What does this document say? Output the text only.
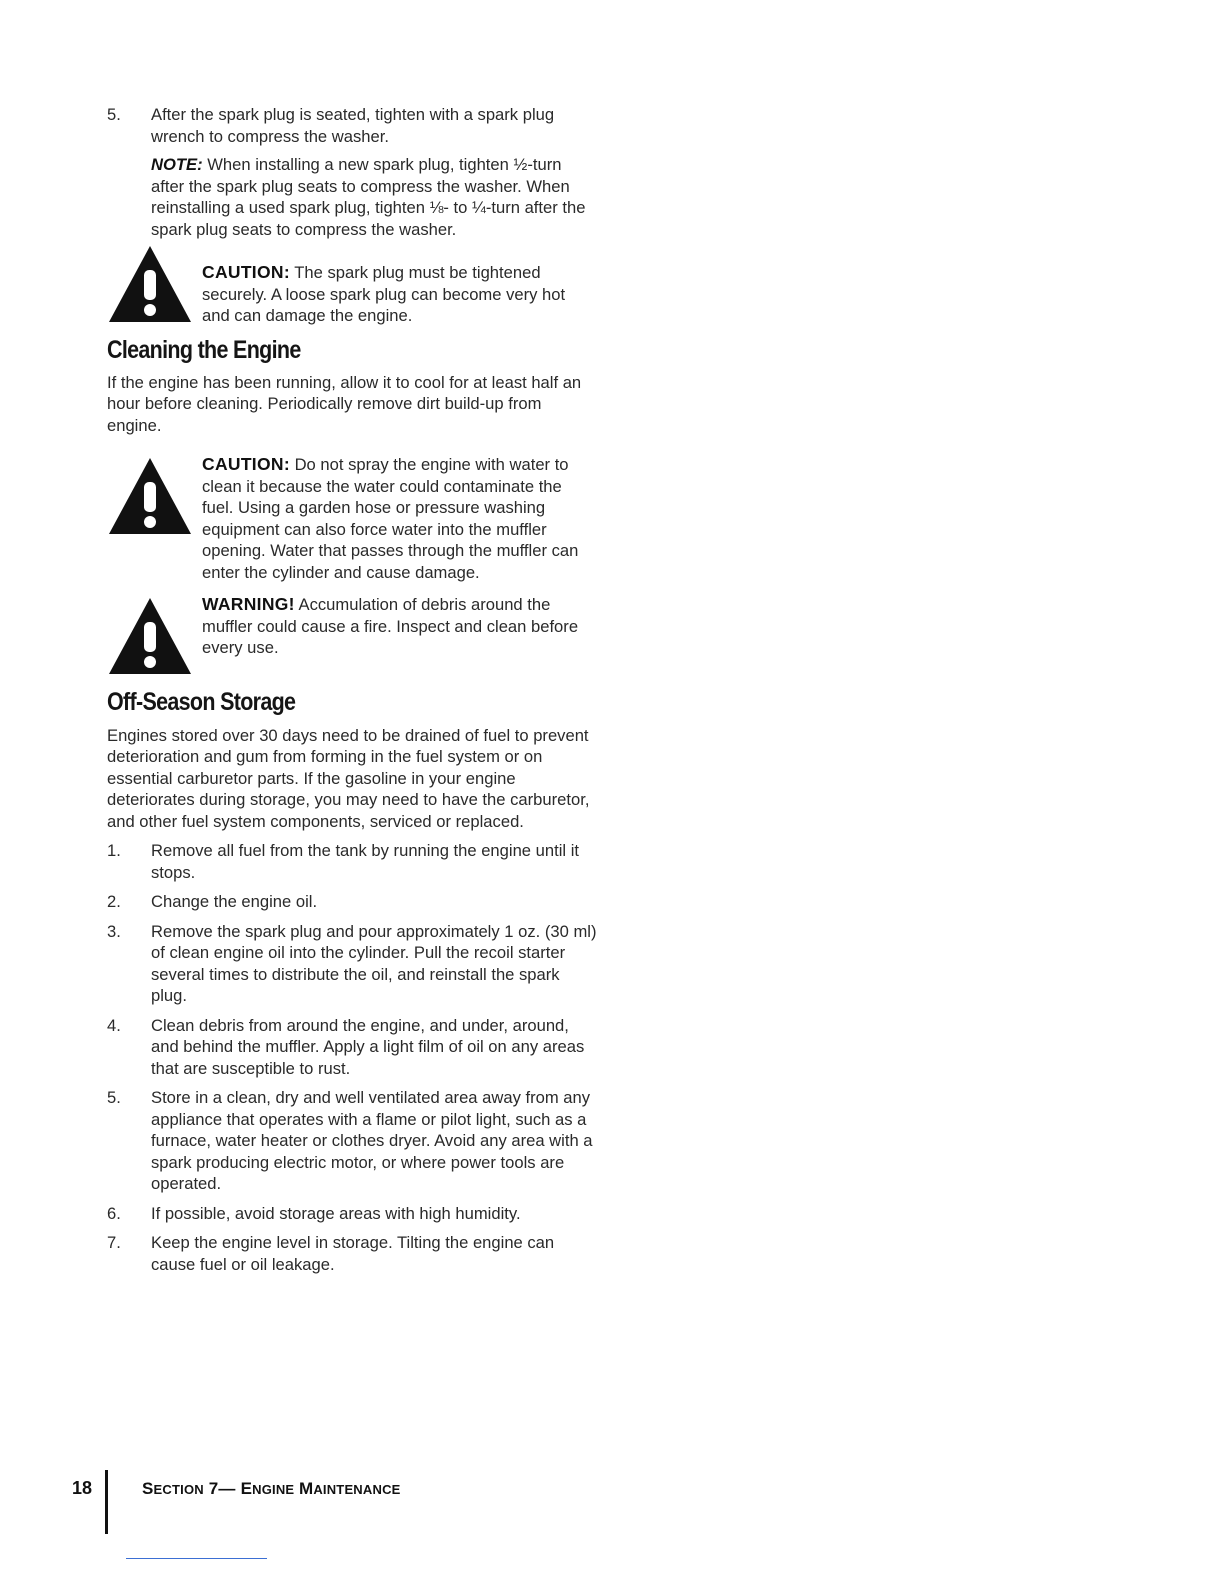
5.	After the spark plug is seated, tighten with a spark plug wrench to compress the washer.
NOTE: When installing a new spark plug, tighten ½-turn after the spark plug seats to compress the washer. When reinstalling a used spark plug, tighten ⅛- to ¼-turn after the spark plug seats to compress the washer.
CAUTION: The spark plug must be tightened securely. A loose spark plug can become very hot and can damage the engine.
Cleaning the Engine
If the engine has been running, allow it to cool for at least half an hour before cleaning. Periodically remove dirt build-up from engine.
CAUTION: Do not spray the engine with water to clean it because the water could contaminate the fuel. Using a garden hose or pressure washing equipment can also force water into the muffler opening. Water that passes through the muffler can enter the cylinder and cause damage.
WARNING! Accumulation of debris around the muffler could cause a fire. Inspect and clean before every use.
Off-Season Storage
Engines stored over 30 days need to be drained of fuel to prevent deterioration and gum from forming in the fuel system or on essential carburetor parts. If the gasoline in your engine deteriorates during storage, you may need to have the carburetor, and other fuel system components, serviced or replaced.
1.	Remove all fuel from the tank by running the engine until it stops.
2.	Change the engine oil.
3.	Remove the spark plug and pour approximately 1 oz. (30 ml) of clean engine oil into the cylinder. Pull the recoil starter several times to distribute the oil, and reinstall the spark plug.
4.	Clean debris from around the engine, and under, around, and behind the muffler. Apply a light film of oil on any areas that are susceptible to rust.
5.	Store in a clean, dry and well ventilated area away from any appliance that operates with a flame or pilot light, such as a furnace, water heater or clothes dryer. Avoid any area with a spark producing electric motor, or where power tools are operated.
6.	If possible, avoid storage areas with high humidity.
7.	Keep the engine level in storage. Tilting the engine can cause fuel or oil leakage.
18	SECTION 7— ENGINE MAINTENANCE
